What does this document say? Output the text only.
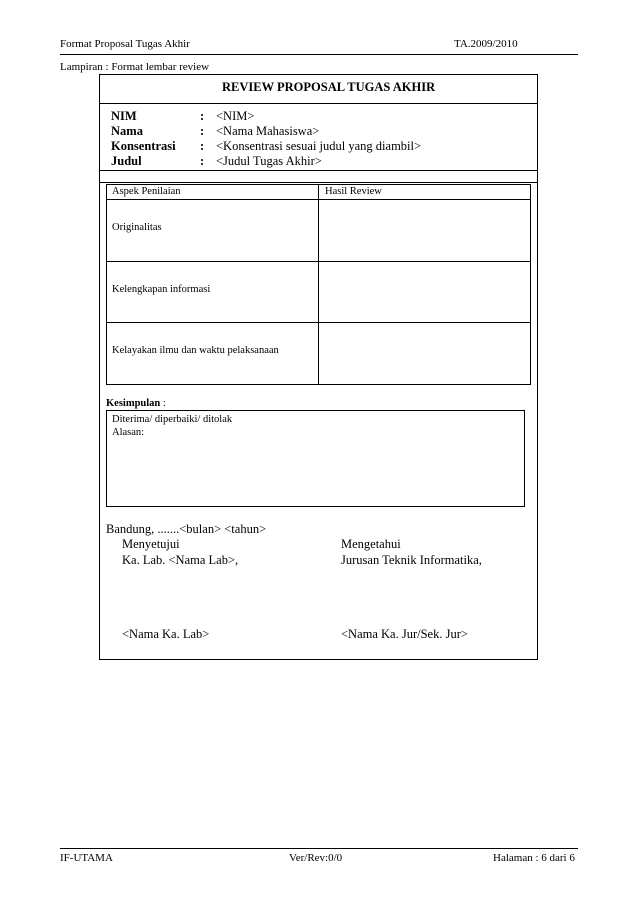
Format Proposal Tugas Akhir	TA.2009/2010
Lampiran : Format lembar review
REVIEW PROPOSAL TUGAS AKHIR
NIM	: <NIM>
Nama	: <Nama Mahasiswa>
Konsentrasi : <Konsentrasi sesuai judul yang diambil>
Judul	: <Judul Tugas Akhir>
Aspek Penilaian	Hasil Review
Originalitas
Kelengkapan informasi
Kelayakan ilmu dan waktu pelaksanaan
Kesimpulan :
Diterima/ diperbaiki/ ditolak
Alasan:
Bandung, .......<bulan> <tahun>
Menyetujui
Ka. Lab. <Nama Lab>,
<Nama Ka. Lab>
Mengetahui
Jurusan Teknik Informatika,
<Nama Ka. Jur/Sek. Jur>
IF-UTAMA	Ver/Rev:0/0	Halaman : 6 dari 6
